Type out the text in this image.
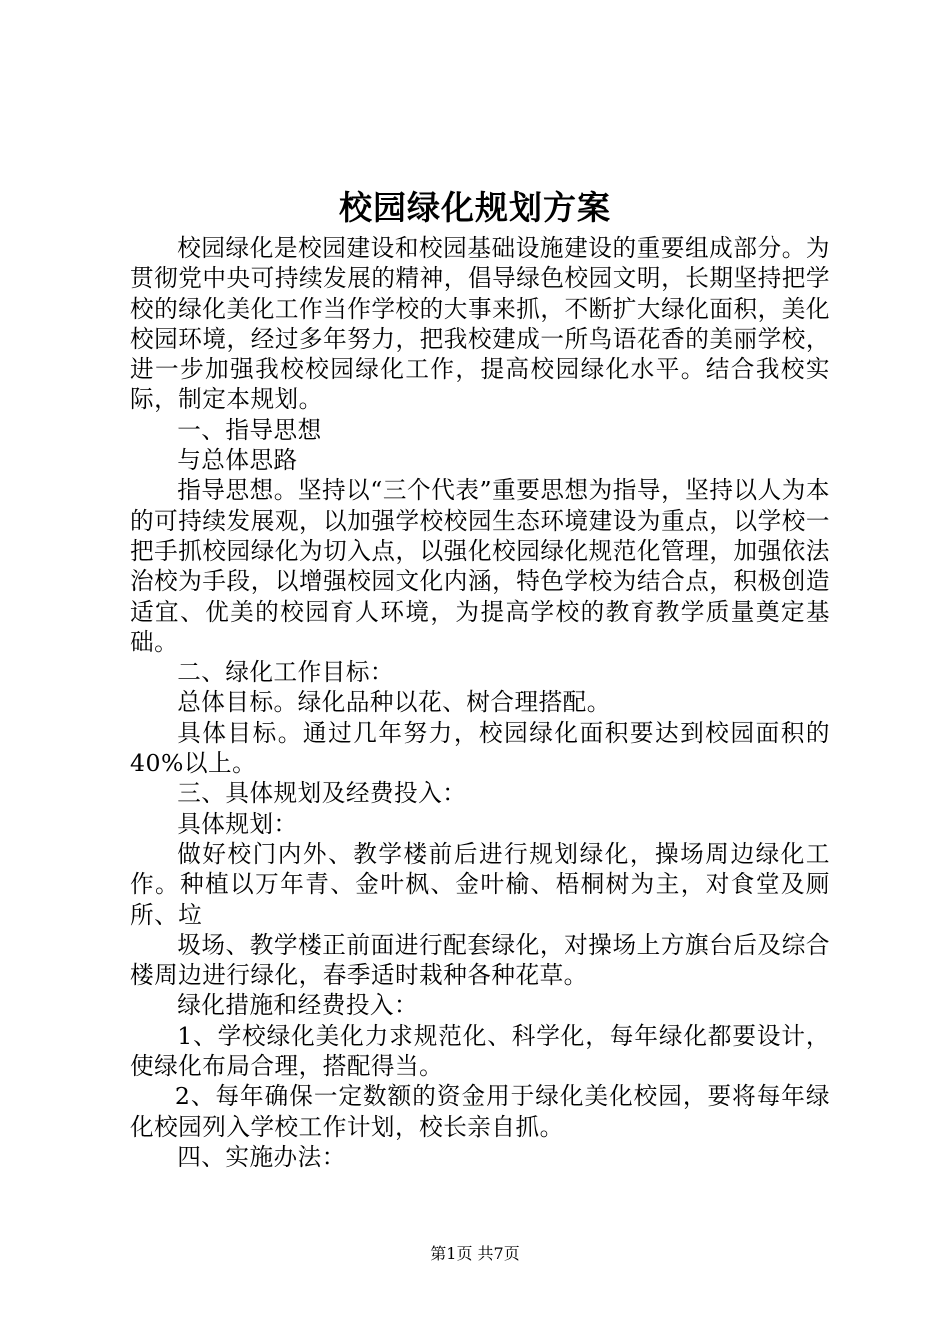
校园绿化规划方案

校园绿化是校园建设和校园基础设施建设的重要组成部分。为贯彻党中央可持续发展的精神，倡导绿色校园文明，长期坚持把学校的绿化美化工作当作学校的大事来抓，不断扩大绿化面积，美化校园环境，经过多年努力，把我校建成一所鸟语花香的美丽学校，进一步加强我校校园绿化工作，提高校园绿化水平。结合我校实际，制定本规划。

一、指导思想

与总体思路

指导思想。坚持以“三个代表”重要思想为指导，坚持以人为本的可持续发展观，以加强学校校园生态环境建设为重点，以学校一把手抓校园绿化为切入点，以强化校园绿化规范化管理，加强依法治校为手段，以增强校园文化内涵，特色学校为结合点，积极创造适宜、优美的校园育人环境，为提高学校的教育教学质量奠定基础。

二、绿化工作目标：

总体目标。绿化品种以花、树合理搭配。

具体目标。通过几年努力，校园绿化面积要达到校园面积的40%以上。

三、具体规划及经费投入：

具体规划：

做好校门内外、教学楼前后进行规划绿化，操场周边绿化工作。种植以万年青、金叶枫、金叶榆、梧桐树为主，对食堂及厕所、垃

圾场、教学楼正前面进行配套绿化，对操场上方旗台后及综合楼周边进行绿化，春季适时栽种各种花草。

绿化措施和经费投入：

1、学校绿化美化力求规范化、科学化，每年绿化都要设计，使绿化布局合理，搭配得当。

2、每年确保一定数额的资金用于绿化美化校园，要将每年绿化校园列入学校工作计划，校长亲自抓。

四、实施办法：

第1页 共7页
